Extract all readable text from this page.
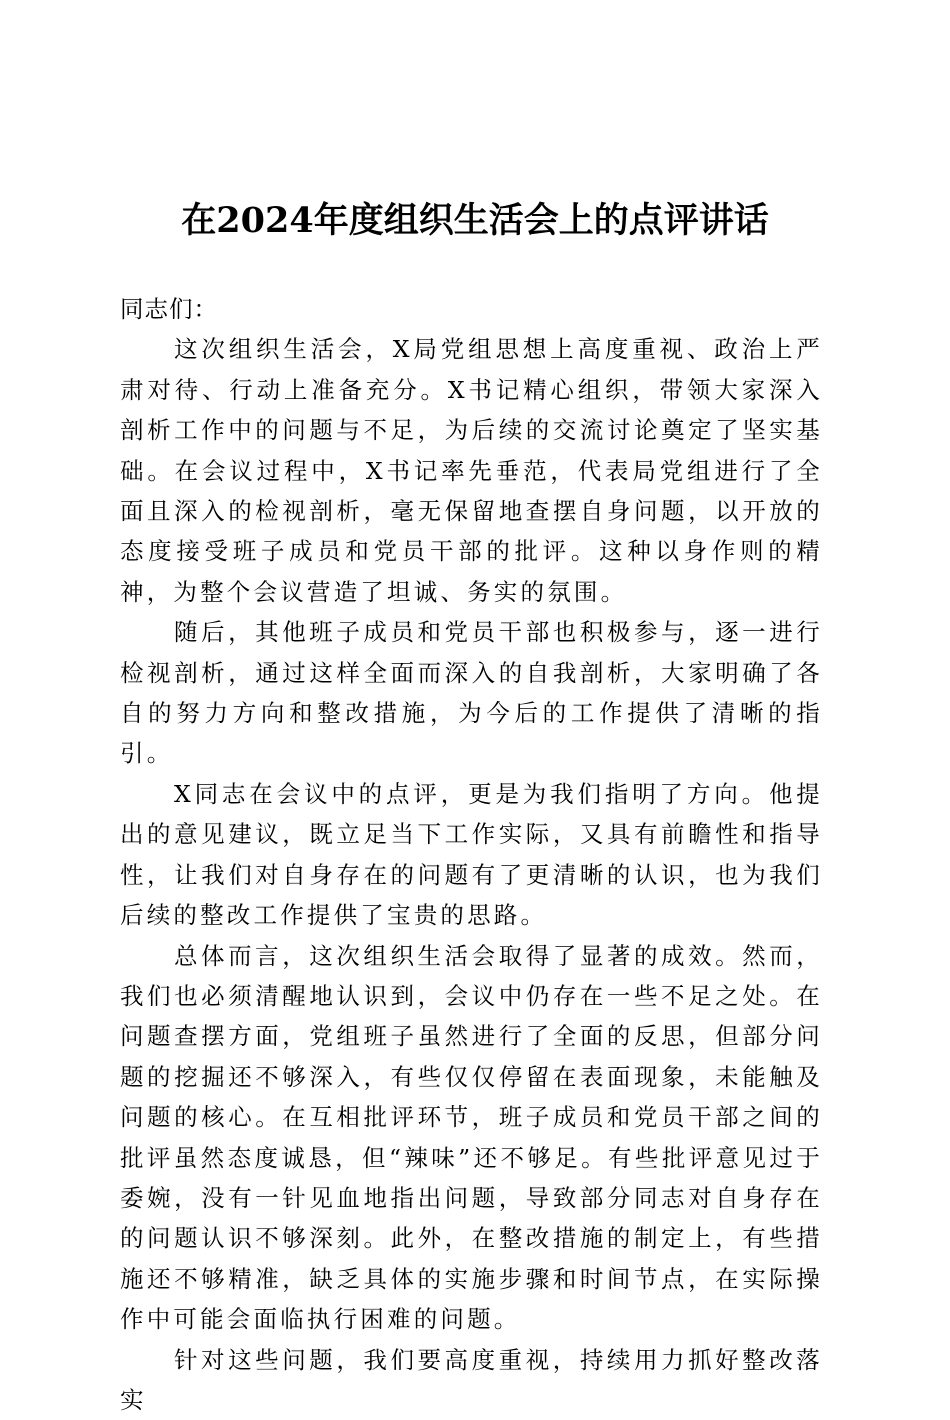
在2024年度组织生活会上的点评讲话

同志们：

这次组织生活会，X局党组思想上高度重视、政治上严肃对待、行动上准备充分。X书记精心组织，带领大家深入剖析工作中的问题与不足，为后续的交流讨论奠定了坚实基础。在会议过程中，X书记率先垂范，代表局党组进行了全面且深入的检视剖析，毫无保留地查摆自身问题，以开放的态度接受班子成员和党员干部的批评。这种以身作则的精神，为整个会议营造了坦诚、务实的氛围。

随后，其他班子成员和党员干部也积极参与，逐一进行检视剖析，通过这样全面而深入的自我剖析，大家明确了各自的努力方向和整改措施，为今后的工作提供了清晰的指引。

X同志在会议中的点评，更是为我们指明了方向。他提出的意见建议，既立足当下工作实际，又具有前瞻性和指导性，让我们对自身存在的问题有了更清晰的认识，也为我们后续的整改工作提供了宝贵的思路。

总体而言，这次组织生活会取得了显著的成效。然而，我们也必须清醒地认识到，会议中仍存在一些不足之处。在问题查摆方面，党组班子虽然进行了全面的反思，但部分问题的挖掘还不够深入，有些仅仅停留在表面现象，未能触及问题的核心。在互相批评环节，班子成员和党员干部之间的批评虽然态度诚恳，但“辣味”还不够足。有些批评意见过于委婉，没有一针见血地指出问题，导致部分同志对自身存在的问题认识不够深刻。此外，在整改措施的制定上，有些措施还不够精准，缺乏具体的实施步骤和时间节点，在实际操作中可能会面临执行困难的问题。

针对这些问题，我们要高度重视，持续用力抓好整改落实
